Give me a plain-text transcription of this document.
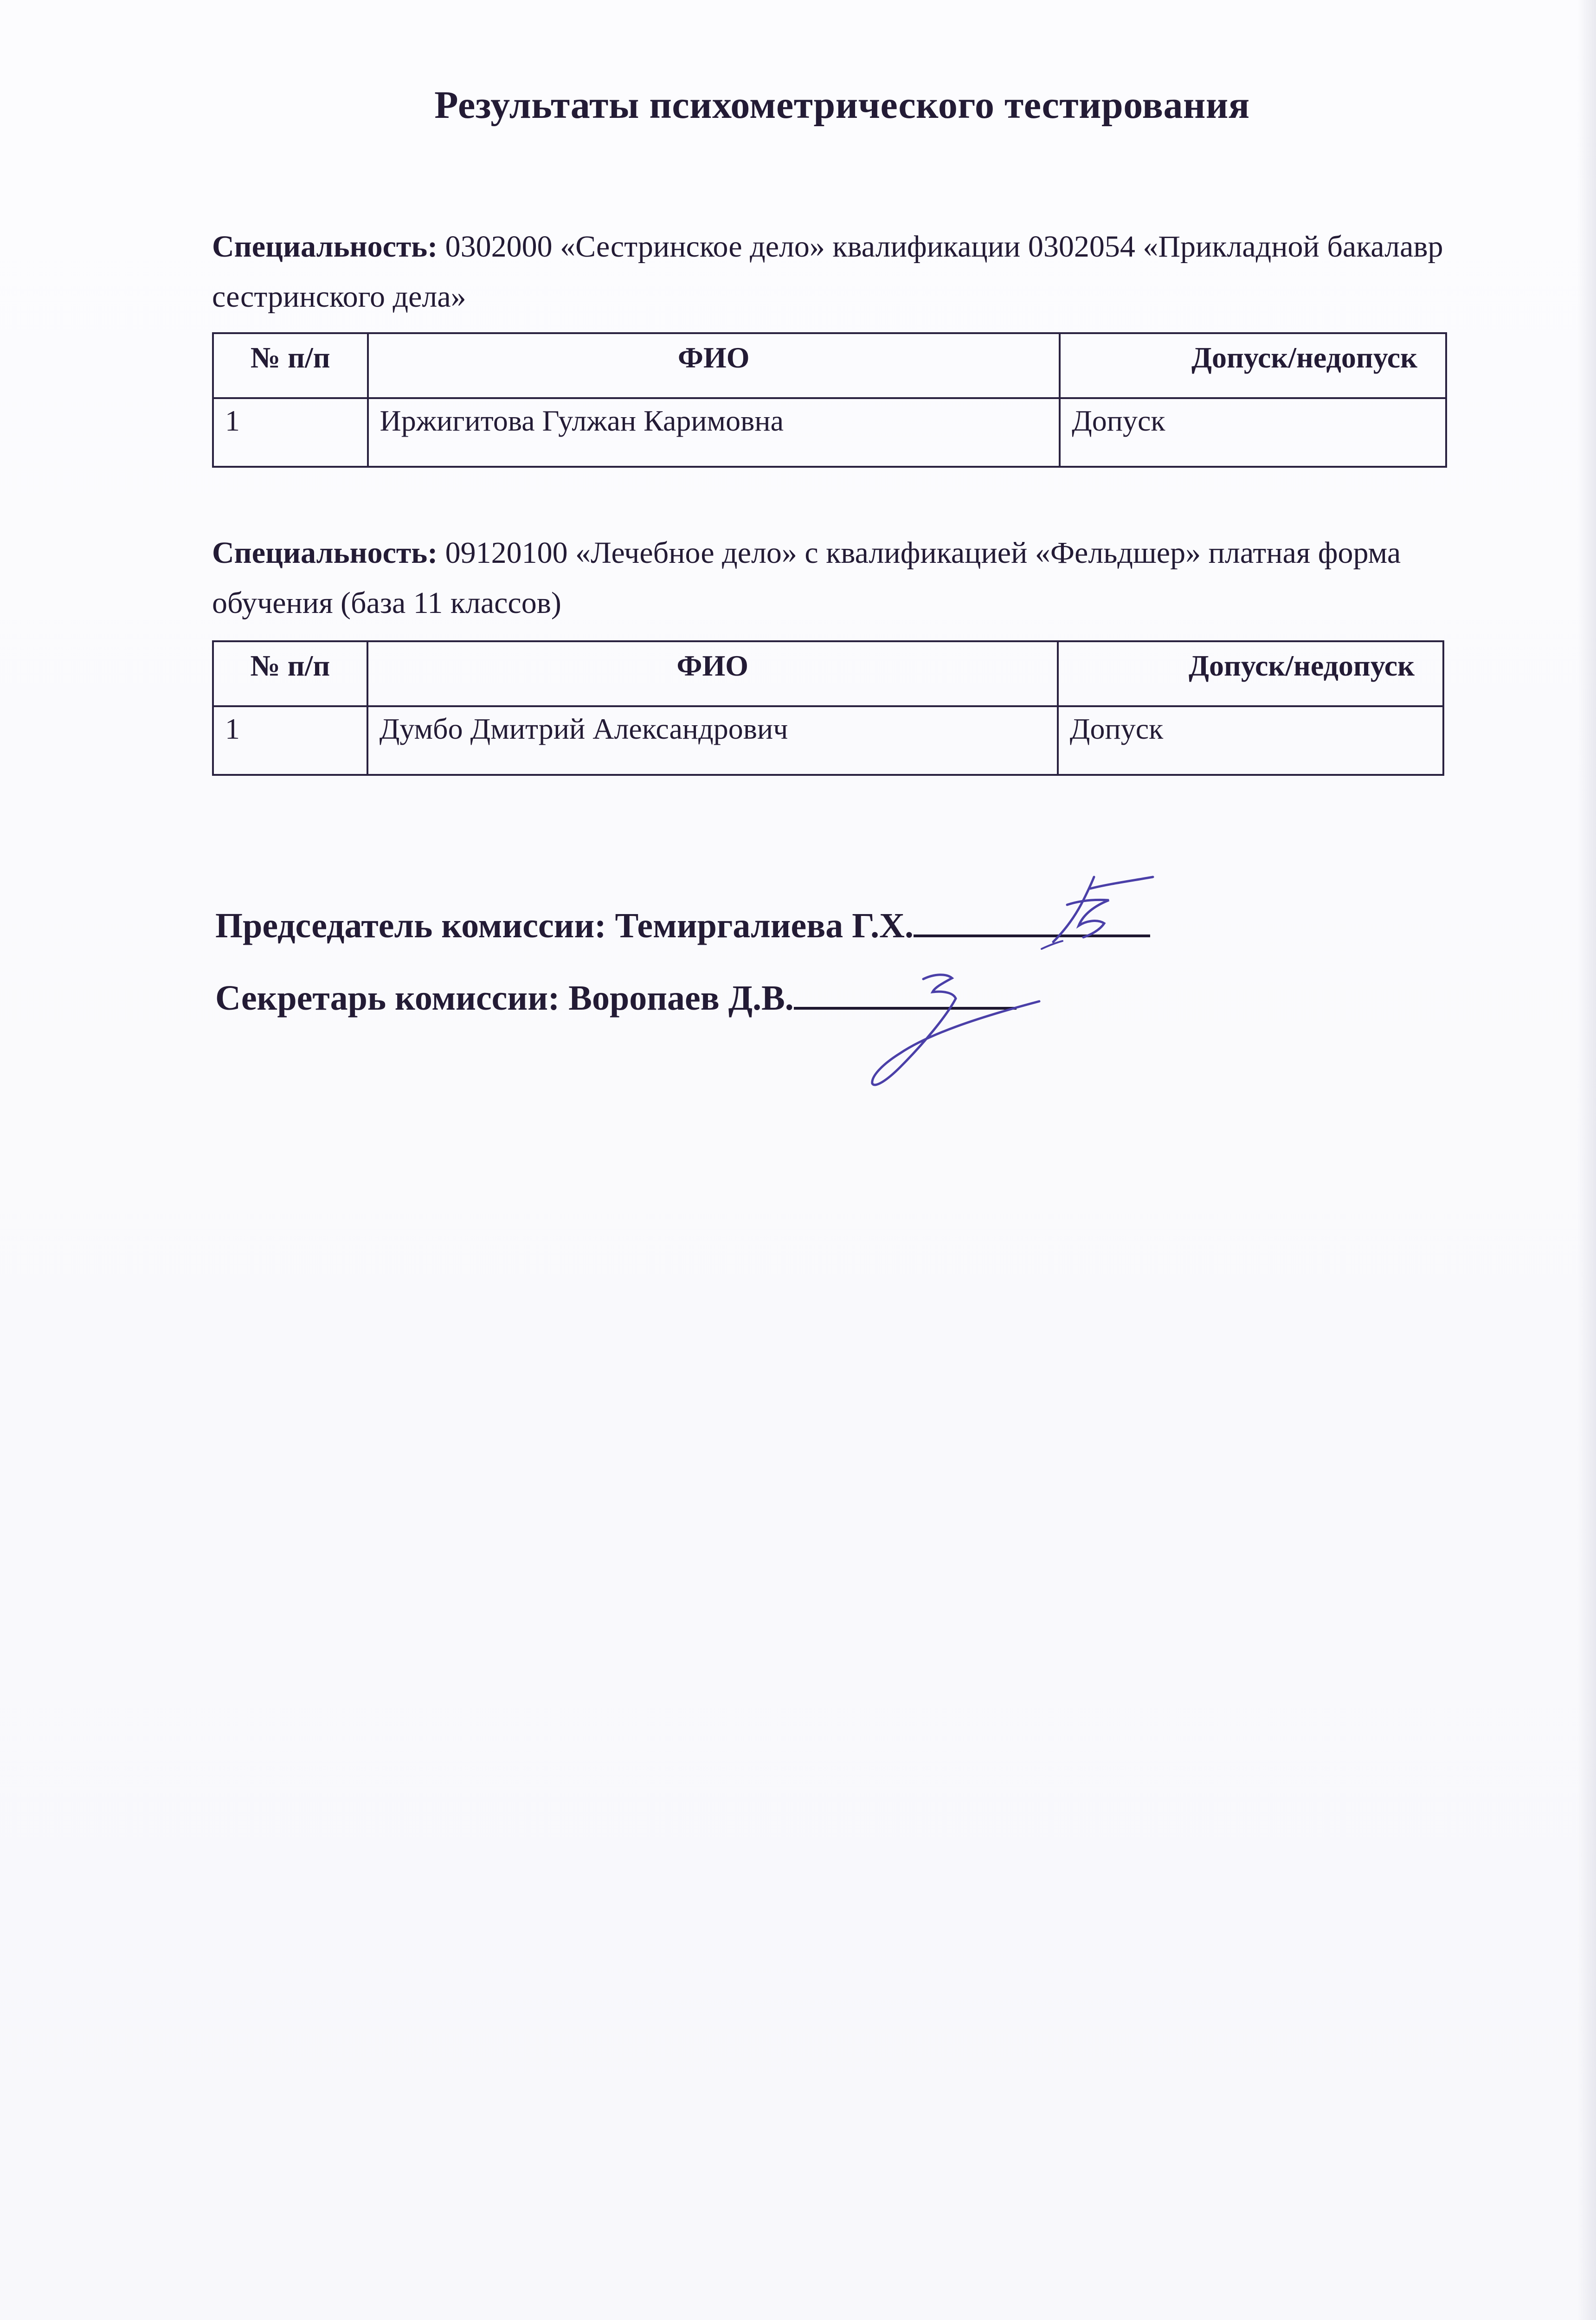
Результаты психометрического тестирования
Специальность: 0302000 «Сестринское дело» квалификации 0302054 «Прикладной бакалавр сестринского дела»
№ п/п	ФИО	Допуск/недопуск
1	Иржигитова Гулжан Каримовна	Допуск
Специальность: 09120100 «Лечебное дело» с квалификацией «Фельдшер» платная форма обучения (база 11 классов)
№ п/п	ФИО	Допуск/недопуск
1	Думбо Дмитрий Александрович	Допуск
Председатель комиссии: Темиргалиева Г.Х.
Секретарь комиссии: Воропаев Д.В.
